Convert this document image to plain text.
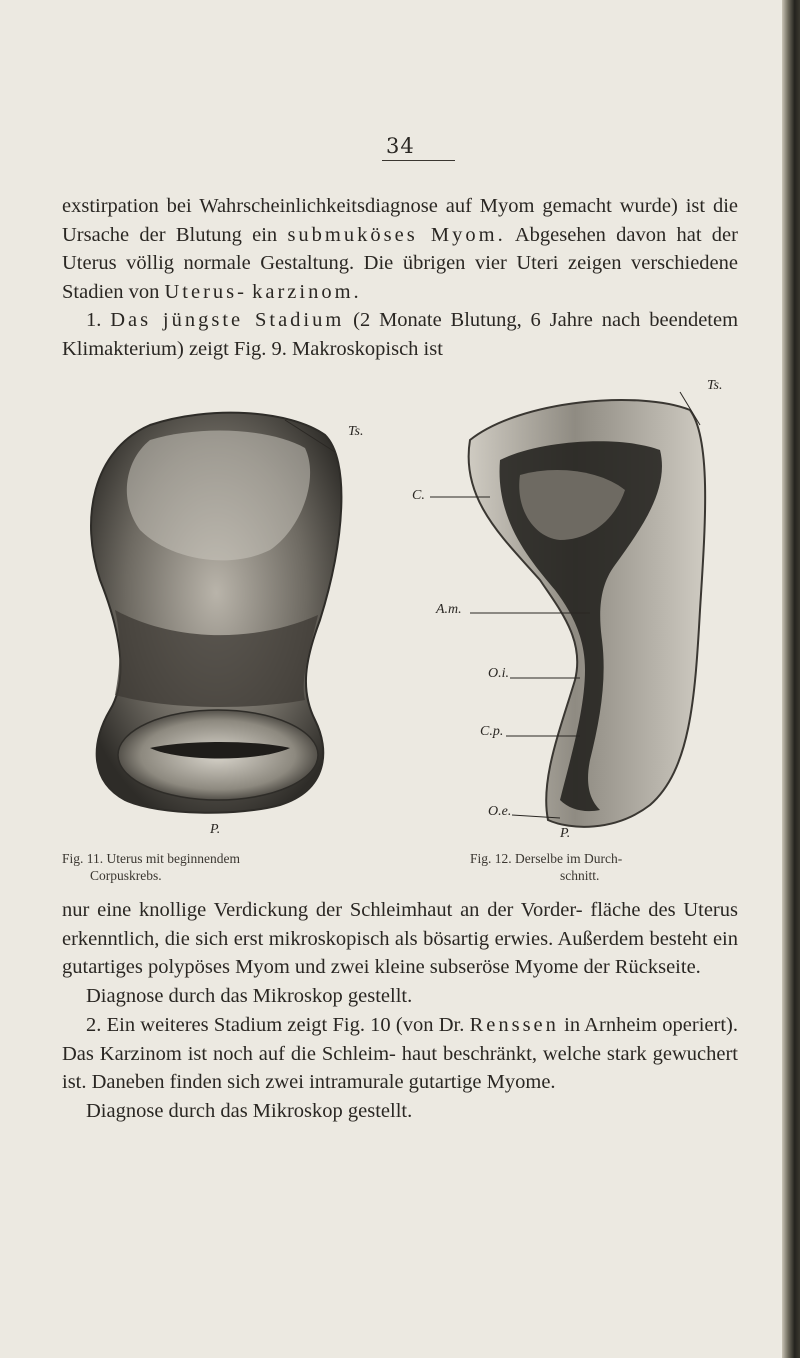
34

exstirpation bei Wahrscheinlichkeitsdiagnose auf Myom gemacht wurde) ist die Ursache der Blutung ein submuköses Myom. Abgesehen davon hat der Uterus völlig normale Gestaltung. Die übrigen vier Uteri zeigen verschiedene Stadien von Uterus- karzinom.

1. Das jüngste Stadium (2 Monate Blutung, 6 Jahre nach beendetem Klimakterium) zeigt Fig. 9. Makroskopisch ist

Ts.
P.
Ts.
C.
A.m.
O.i.
C.p.
O.e.
P.
Fig. 11. Uterus mit beginnendem
Corpuskrebs.
Fig. 12. Derselbe im Durch-
schnitt.

nur eine knollige Verdickung der Schleimhaut an der Vorder- fläche des Uterus erkenntlich, die sich erst mikroskopisch als bösartig erwies. Außerdem besteht ein gutartiges polypöses Myom und zwei kleine subseröse Myome der Rückseite.

Diagnose durch das Mikroskop gestellt.

2. Ein weiteres Stadium zeigt Fig. 10 (von Dr. Renssen in Arnheim operiert). Das Karzinom ist noch auf die Schleim- haut beschränkt, welche stark gewuchert ist. Daneben finden sich zwei intramurale gutartige Myome.

Diagnose durch das Mikroskop gestellt.
